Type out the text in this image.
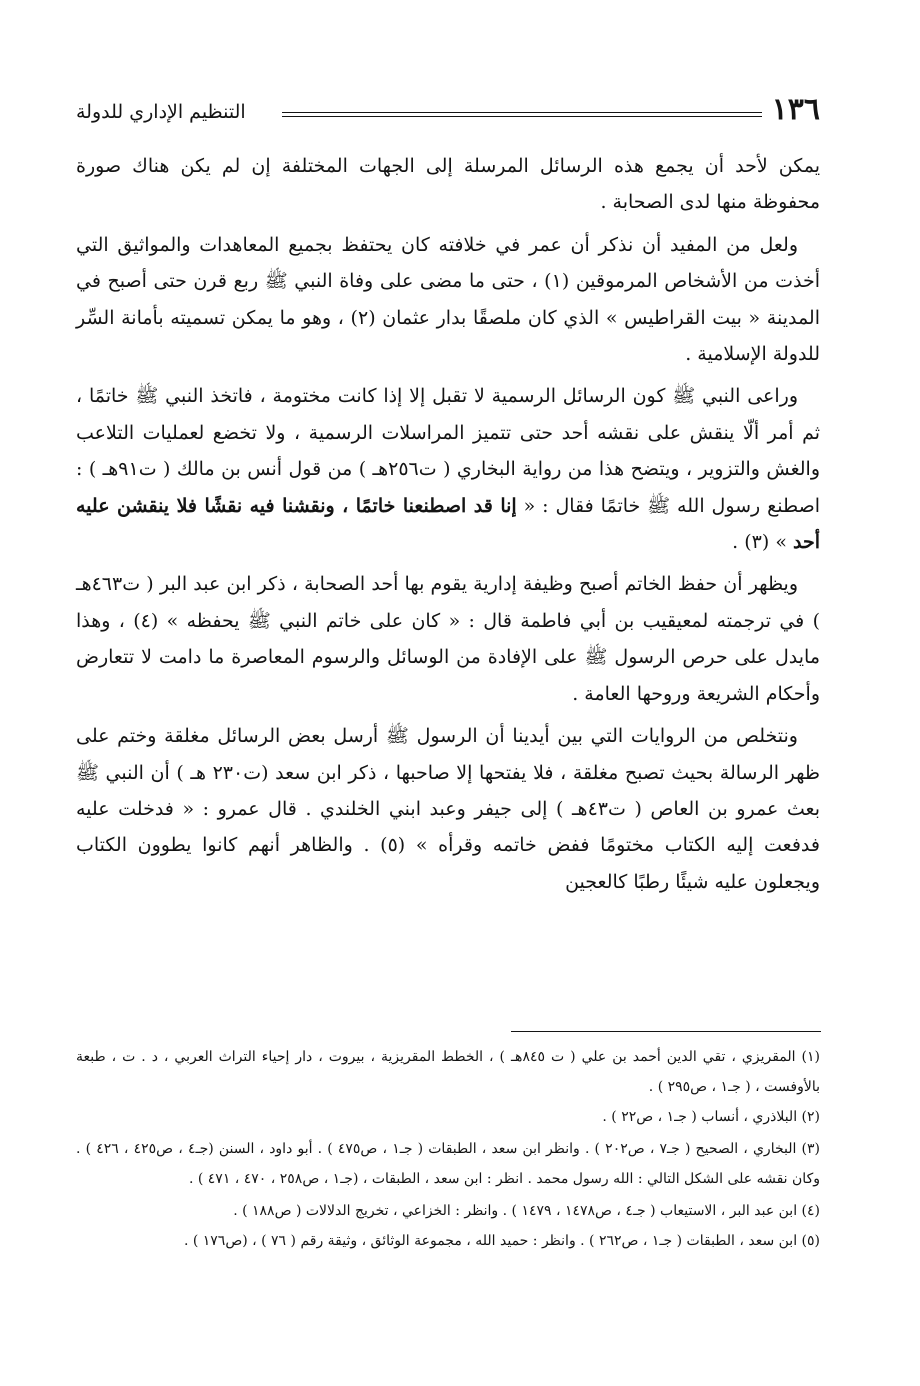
١٣٦
التنظيم الإداري للدولة

يمكن لأحد أن يجمع هذه الرسائل المرسلة إلى الجهات المختلفة إن لم يكن هناك صورة محفوظة منها لدى الصحابة .

ولعل من المفيد أن نذكر أن عمر في خلافته كان يحتفظ بجميع المعاهدات والمواثيق التي أخذت من الأشخاص المرموقين (١) ، حتى ما مضى على وفاة النبي ﷺ ربع قرن حتى أصبح في المدينة « بيت القراطيس » الذي كان ملصقًا بدار عثمان (٢) ، وهو ما يمكن تسميته بأمانة السِّر للدولة الإسلامية .

وراعى النبي ﷺ كون الرسائل الرسمية لا تقبل إلا إذا كانت مختومة ، فاتخذ النبي ﷺ خاتمًا ، ثم أمر ألّا ينقش على نقشه أحد حتى تتميز المراسلات الرسمية ، ولا تخضع لعمليات التلاعب والغش والتزوير ، ويتضح هذا من رواية البخاري ( ت٢٥٦هـ ) من قول أنس بن مالك ( ت٩١هـ ) : اصطنع رسول الله ﷺ خاتمًا فقال : « إنا قد اصطنعنا خاتمًا ، ونقشنا فيه نقشًا فلا ينقشن عليه أحد » (٣) .

ويظهر أن حفظ الخاتم أصبح وظيفة إدارية يقوم بها أحد الصحابة ، ذكر ابن عبد البر ( ت٤٦٣هـ ) في ترجمته لمعيقيب بن أبي فاطمة قال : « كان على خاتم النبي ﷺ يحفظه » (٤) ، وهذا مايدل على حرص الرسول ﷺ على الإفادة من الوسائل والرسوم المعاصرة ما دامت لا تتعارض وأحكام الشريعة وروحها العامة .

ونتخلص من الروايات التي بين أيدينا أن الرسول ﷺ أرسل بعض الرسائل مغلقة وختم على ظهر الرسالة بحيث تصبح مغلقة ، فلا يفتحها إلا صاحبها ، ذكر ابن سعد (ت٢٣٠ هـ ) أن النبي ﷺ بعث عمرو بن العاص ( ت٤٣هـ ) إلى جيفر وعبد ابني الخلندي . قال عمرو : « فدخلت عليه فدفعت إليه الكتاب مختومًا ففض خاتمه وقرأه » (٥) . والظاهر أنهم كانوا يطوون الكتاب ويجعلون عليه شيئًا رطبًا كالعجين

(١) المقريزي ، تقي الدين أحمد بن علي ( ت ٨٤٥هـ ) ، الخطط المقريزية ، بيروت ، دار إحياء التراث العربي ، د . ت ، طبعة بالأوفست ، ( جـ١ ، ص٢٩٥ ) .

(٢) البلاذري ، أنساب ( جـ١ ، ص٢٢ ) .

(٣) البخاري ، الصحيح ( جـ٧ ، ص٢٠٢ ) . وانظر ابن سعد ، الطبقات ( جـ١ ، ص٤٧٥ ) . أبو داود ، السنن (جـ٤ ، ص٤٢٥ ، ٤٢٦ ) . وكان نقشه على الشكل التالي : الله رسول محمد . انظر : ابن سعد ، الطبقات ، (جـ١ ، ص٢٥٨ ، ٤٧٠ ، ٤٧١ ) .

(٤) ابن عبد البر ، الاستيعاب ( جـ٤ ، ص١٤٧٨ ، ١٤٧٩ ) . وانظر : الخزاعي ، تخريج الدلالات ( ص١٨٨ ) .

(٥) ابن سعد ، الطبقات ( جـ١ ، ص٢٦٢ ) . وانظر : حميد الله ، مجموعة الوثائق ، وثيقة رقم ( ٧٦ ) ، (ص١٧٦ ) .
